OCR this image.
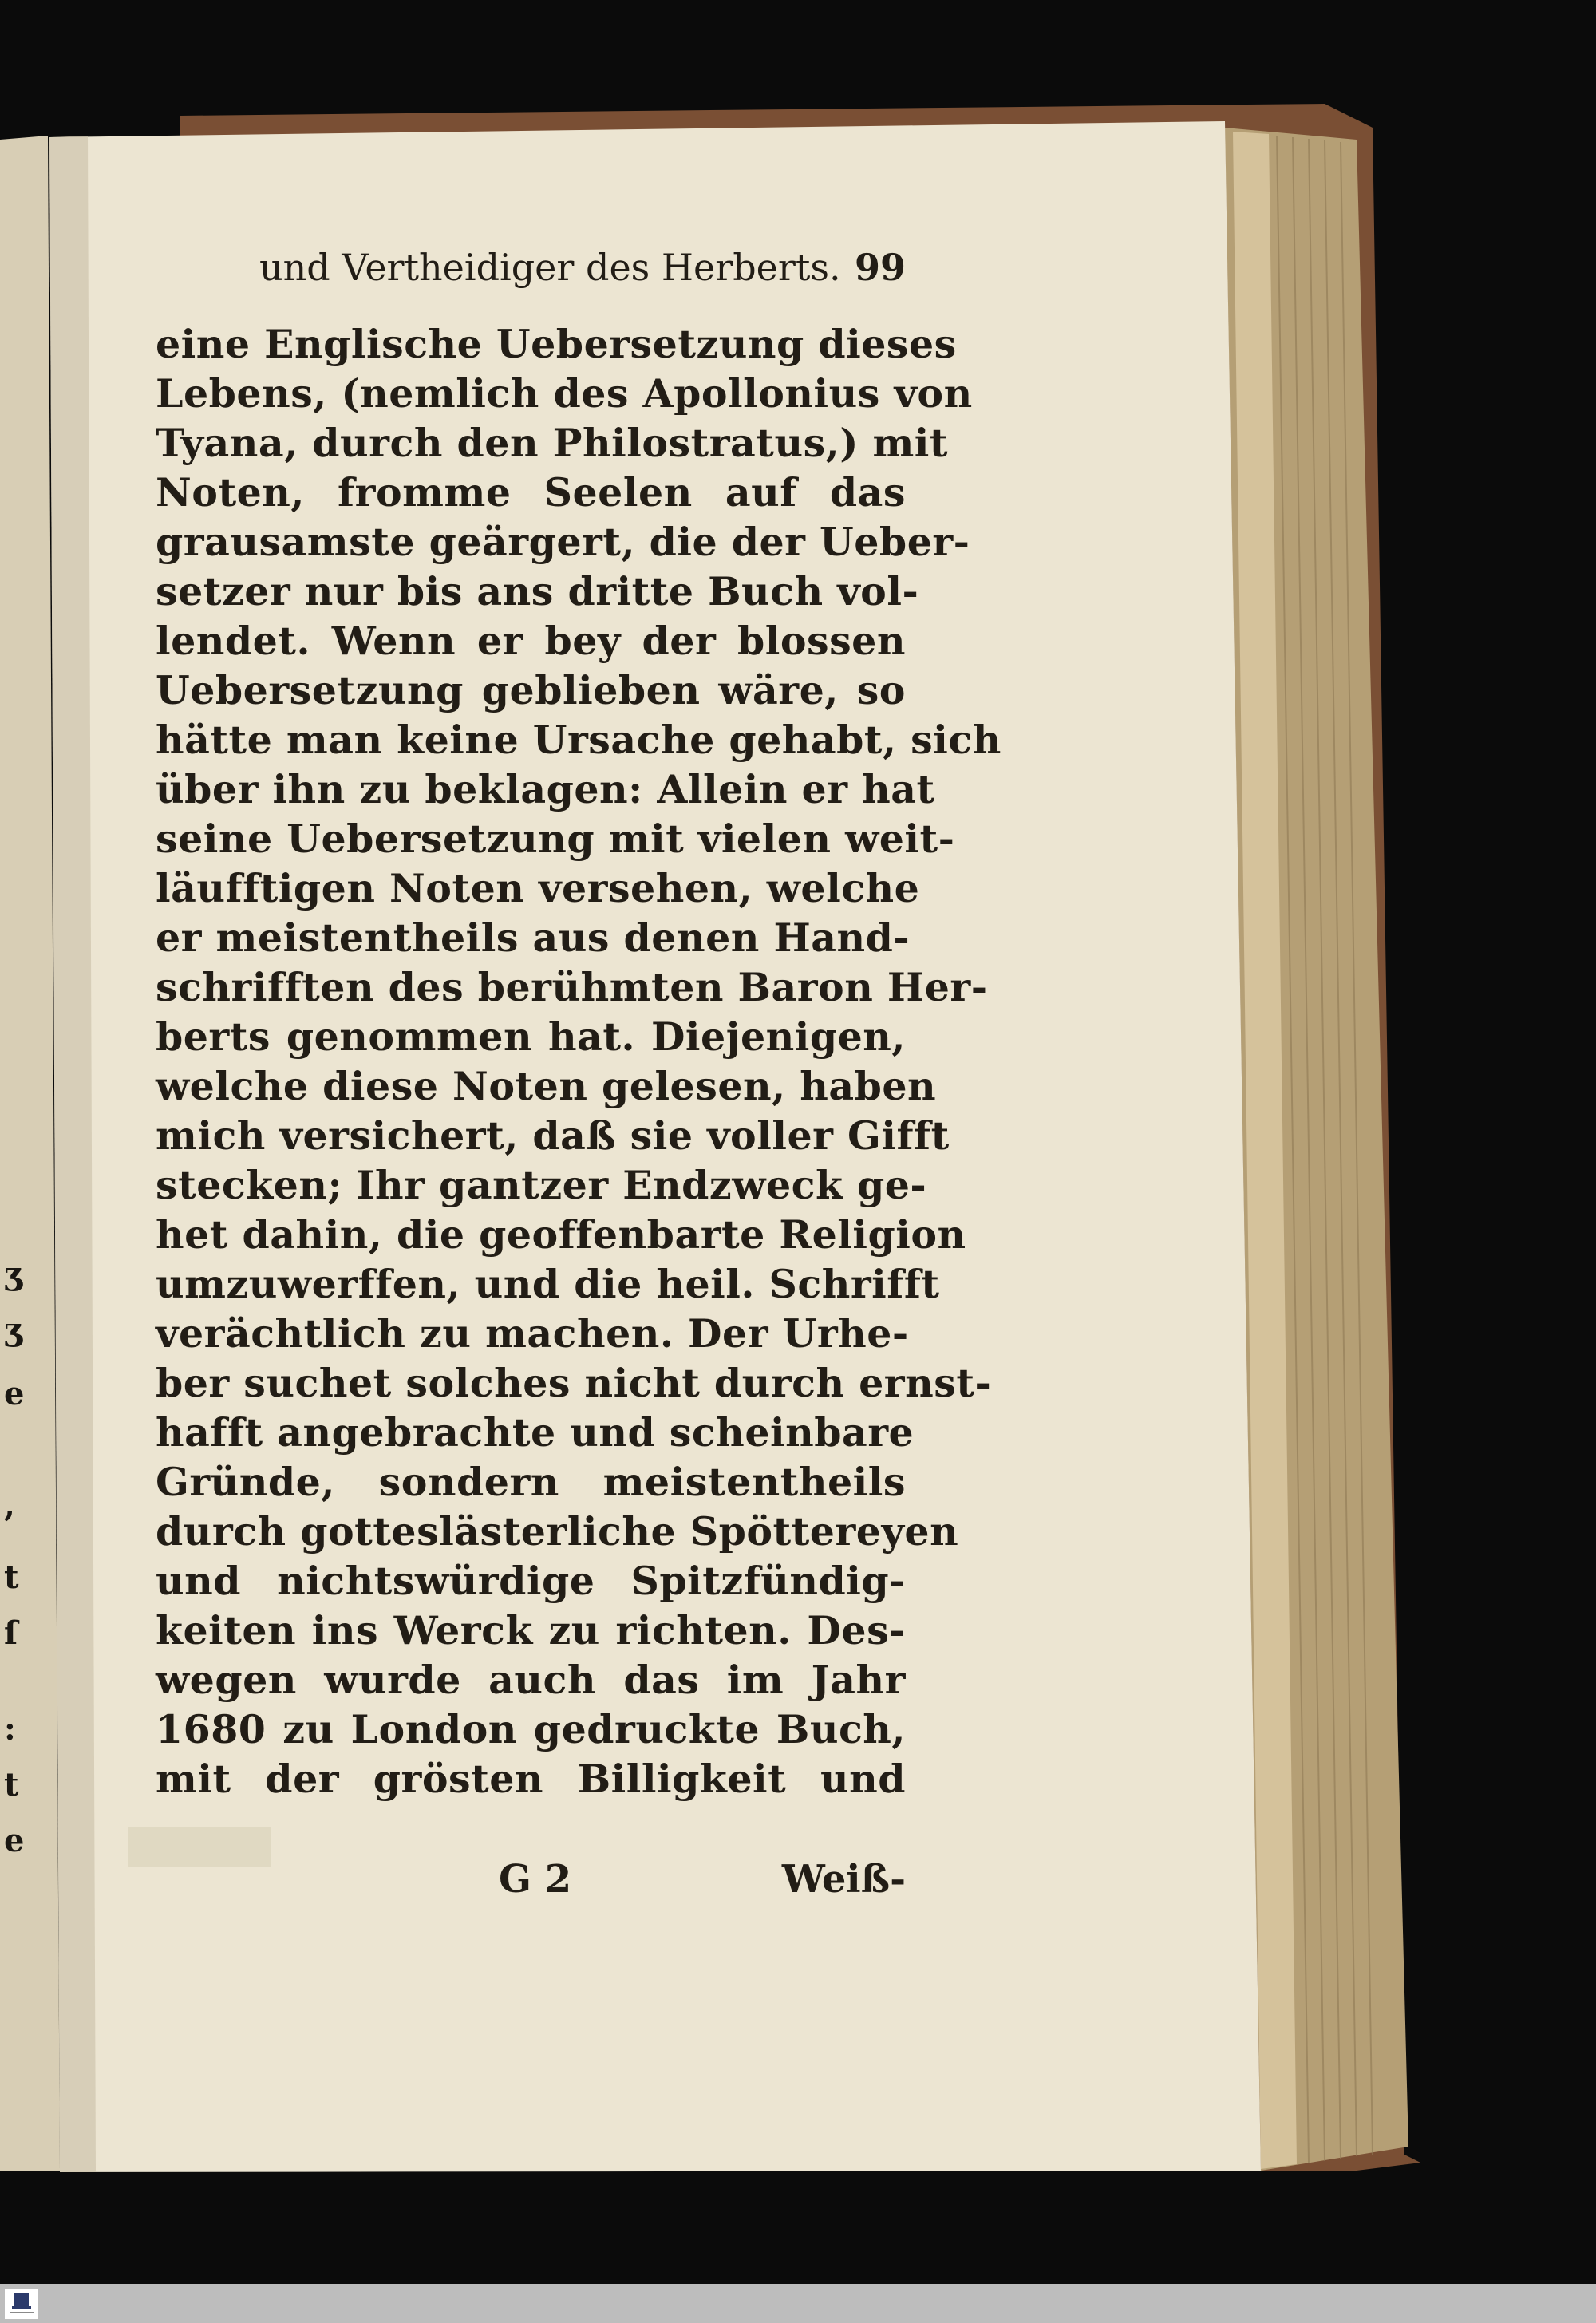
ʒ
ʒ
e
,
t
ſ
:
t
e
und Vertheidiger des Herberts. 99
eine Englische Uebersetzung dieses
Lebens, (nemlich des Apollonius von
Tyana, durch den Philostratus,) mit
Noten, fromme Seelen auf das
grausamste geärgert, die der Ueber-
setzer nur bis ans dritte Buch vol-
lendet. Wenn er bey der blossen
Uebersetzung geblieben wäre, so
hätte man keine Ursache gehabt, sich
über ihn zu beklagen: Allein er hat
seine Uebersetzung mit vielen weit-
läufftigen Noten versehen, welche
er meistentheils aus denen Hand-
schrifften des berühmten Baron Her-
berts genommen hat. Diejenigen,
welche diese Noten gelesen, haben
mich versichert, daß sie voller Gifft
stecken; Ihr gantzer Endzweck ge-
het dahin, die geoffenbarte Religion
umzuwerffen, und die heil. Schrifft
verächtlich zu machen. Der Urhe-
ber suchet solches nicht durch ernst-
hafft angebrachte und scheinbare
Gründe, sondern meistentheils
durch gotteslästerliche Spöttereyen
und nichtswürdige Spitzfündig-
keiten ins Werck zu richten. Des-
wegen wurde auch das im Jahr
1680 zu London gedruckte Buch,
mit der grösten Billigkeit und
G 2	Weiß-
